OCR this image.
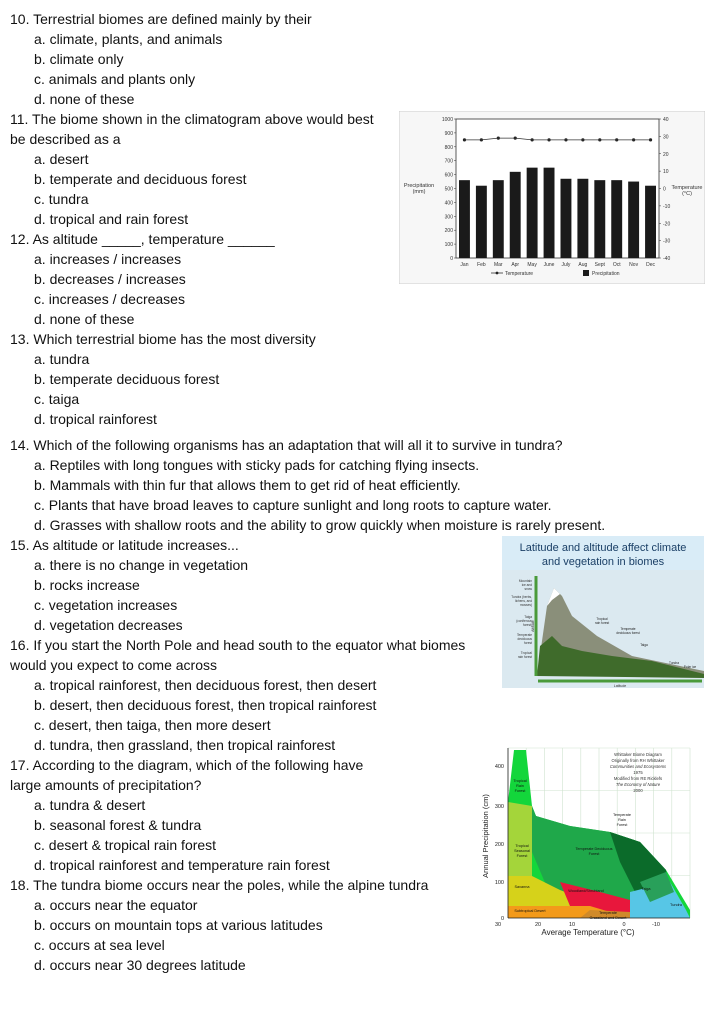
10. Terrestrial biomes are defined mainly by their
a. climate, plants, and animals
b. climate only
c. animals and plants only
d. none of these
11. The biome shown in the climatogram above would best
be described as a
a. desert
b. temperate and deciduous forest
c. tundra
d. tropical and rain forest
12. As altitude _____, temperature ______
a. increases / increases
b. decreases / increases
c. increases / decreases
d. none of these
13. Which terrestrial biome has the most diversity
a. tundra
b. temperate deciduous forest
c. taiga
d. tropical rainforest
14. Which of the following organisms has an adaptation that will all it to survive in tundra?
a. Reptiles with long tongues with sticky pads for catching flying insects.
b. Mammals with thin fur that allows them to get rid of heat efficiently.
c. Plants that have broad leaves to capture sunlight and long roots to capture water.
d. Grasses with shallow roots and the ability to grow quickly when moisture is rarely present.
15. As altitude or latitude increases...
a. there is no change in vegetation
b. rocks increase
c. vegetation increases
d. vegetation decreases
16. If you start the North Pole and head south to the equator what biomes
would you expect to come across
a. tropical rainforest, then deciduous forest, then desert
b. desert, then deciduous forest, then tropical rainforest
c. desert, then taiga, then more desert
d. tundra, then grassland, then tropical rainforest
17. According to the diagram, which of the following have
large amounts of precipitation?
a. tundra & desert
b. seasonal forest & tundra
c. desert & tropical rain forest
d. tropical rainforest and temperature rain forest
18. The tundra biome occurs near the poles, while the alpine tundra
a. occurs near the equator
b. occurs on mountain tops at various latitudes
c. occurs at sea level
d. occurs near 30 degrees latitude
1000
900
800
700
600
500
400
300
200
100
0
40
30
20
10
0
-10
-20
-30
-40
Jan Feb Mar Apr May June July Aug Sept Oct Nov Dec
Precipitation
(mm)
Temperature
(°C)
Temperature	Precipitation
Latitude and altitude affect climate
and vegetation in biomes
Mountain
ice and
snow
Tundra (herbs,
lichens, and
mosses)
Taiga
(coniferous
forest)
Temperate
deciduous
forest
Tropical
rain forest
Tropical
rain forest
Temperate
deciduous forest
Taiga
Tundra
Polar ice
Latitude
Altitude
400
300
200
100
0
30	20	10	0	-10
Average Temperature (°C)
Annual Precipitation (cm)
Whittaker Biome Diagram
Originally from RH Whittaker
Communities and Ecosystems
1975
Modified from RE Ricklefs
The Economy of Nature
2000
Tropical
Rain
Forest
Temperate
Rain
Forest
Tropical
Seasonal
Forest
Temperate Deciduous
Forest
Savanna
Woodland/Shrubland	Taiga
Tundra
Subtropical Desert	Temperate
Grassland and Desert
